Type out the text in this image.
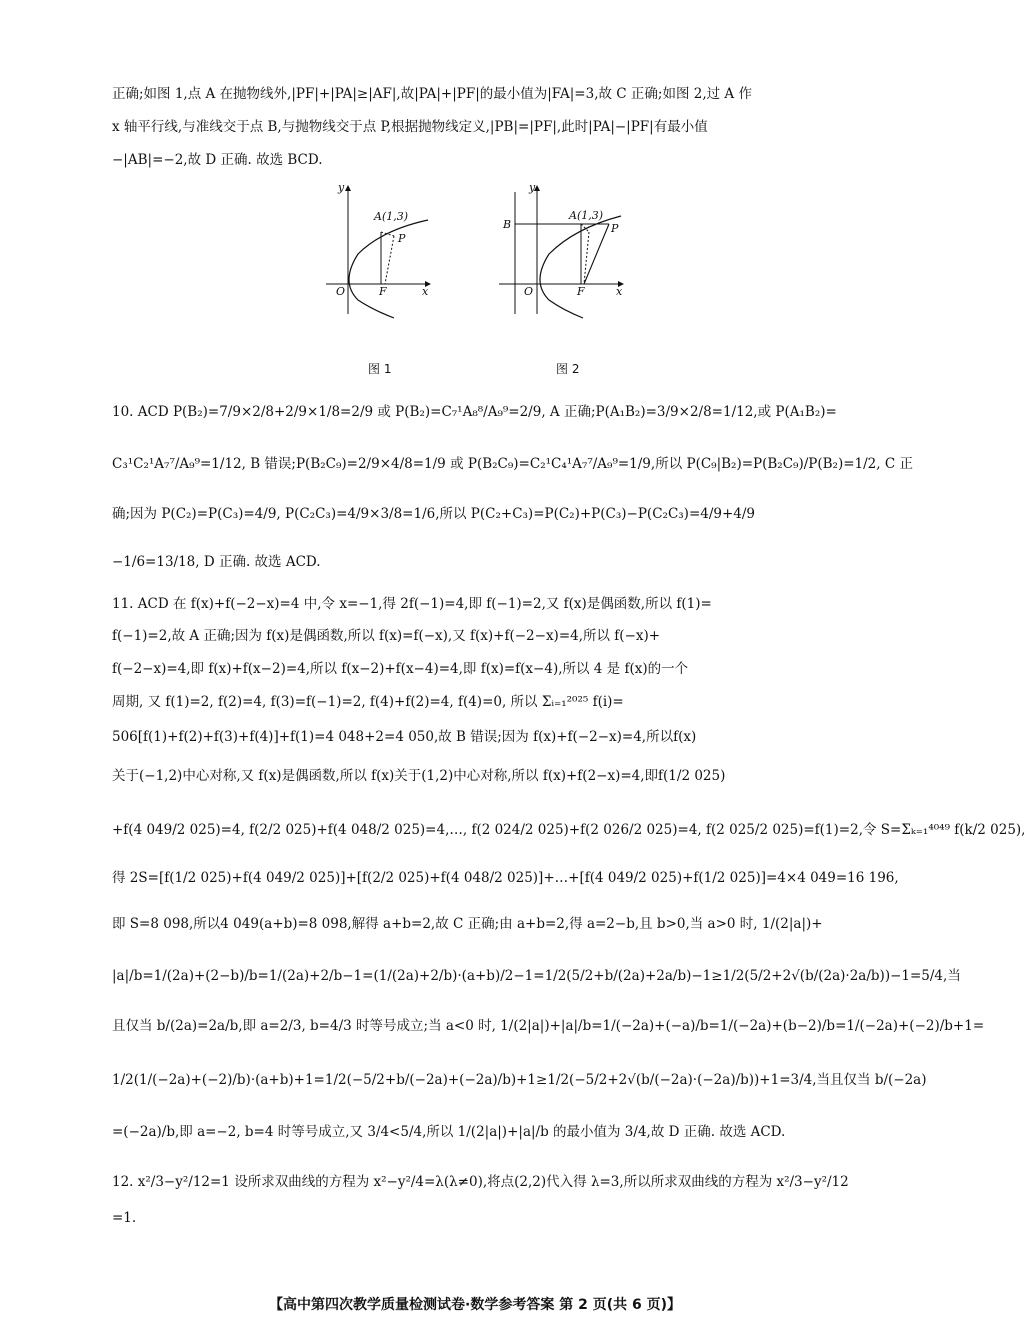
正确;如图 1,点 A 在抛物线外,|PF|+|PA|≥|AF|,故|PA|+|PF|的最小值为|FA|=3,故 C 正确;如图 2,过 A 作
x 轴平行线,与准线交于点 B,与抛物线交于点 P,根据抛物线定义,|PB|=|PF|,此时|PA|−|PF|有最小值
−|AB|=−2,故 D 正确. 故选 BCD.
y
x
O	F
A(1,3)
P
图 1
y
x
O	F
A(1,3)
P
B
图 2
10. ACD P(B₂)=7/9×2/8+2/9×1/8=2/9 或 P(B₂)=C₇¹A₈⁸/A₉⁹=2/9, A 正确;P(A₁B₂)=3/9×2/8=1/12,或 P(A₁B₂)=
C₃¹C₂¹A₇⁷/A₉⁹=1/12, B 错误;P(B₂C₉)=2/9×4/8=1/9 或 P(B₂C₉)=C₂¹C₄¹A₇⁷/A₉⁹=1/9,所以 P(C₉|B₂)=P(B₂C₉)/P(B₂)=1/2, C 正
确;因为 P(C₂)=P(C₃)=4/9, P(C₂C₃)=4/9×3/8=1/6,所以 P(C₂+C₃)=P(C₂)+P(C₃)−P(C₂C₃)=4/9+4/9
−1/6=13/18, D 正确. 故选 ACD.
11. ACD 在 f(x)+f(−2−x)=4 中,令 x=−1,得 2f(−1)=4,即 f(−1)=2,又 f(x)是偶函数,所以 f(1)=
f(−1)=2,故 A 正确;因为 f(x)是偶函数,所以 f(x)=f(−x),又 f(x)+f(−2−x)=4,所以 f(−x)+
f(−2−x)=4,即 f(x)+f(x−2)=4,所以 f(x−2)+f(x−4)=4,即 f(x)=f(x−4),所以 4 是 f(x)的一个
周期, 又 f(1)=2, f(2)=4, f(3)=f(−1)=2, f(4)+f(2)=4, f(4)=0, 所以 Σᵢ₌₁²⁰²⁵ f(i)=
506[f(1)+f(2)+f(3)+f(4)]+f(1)=4 048+2=4 050,故 B 错误;因为 f(x)+f(−2−x)=4,所以f(x)
关于(−1,2)中心对称,又 f(x)是偶函数,所以 f(x)关于(1,2)中心对称,所以 f(x)+f(2−x)=4,即f(1/2 025)
+f(4 049/2 025)=4, f(2/2 025)+f(4 048/2 025)=4,…, f(2 024/2 025)+f(2 026/2 025)=4, f(2 025/2 025)=f(1)=2,令 S=Σₖ₌₁⁴⁰⁴⁹ f(k/2 025),
得 2S=[f(1/2 025)+f(4 049/2 025)]+[f(2/2 025)+f(4 048/2 025)]+…+[f(4 049/2 025)+f(1/2 025)]=4×4 049=16 196,
即 S=8 098,所以4 049(a+b)=8 098,解得 a+b=2,故 C 正确;由 a+b=2,得 a=2−b,且 b>0,当 a>0 时, 1/(2|a|)+
|a|/b=1/(2a)+(2−b)/b=1/(2a)+2/b−1=(1/(2a)+2/b)·(a+b)/2−1=1/2(5/2+b/(2a)+2a/b)−1≥1/2(5/2+2√(b/(2a)·2a/b))−1=5/4,当
且仅当 b/(2a)=2a/b,即 a=2/3, b=4/3 时等号成立;当 a<0 时, 1/(2|a|)+|a|/b=1/(−2a)+(−a)/b=1/(−2a)+(b−2)/b=1/(−2a)+(−2)/b+1=
1/2(1/(−2a)+(−2)/b)·(a+b)+1=1/2(−5/2+b/(−2a)+(−2a)/b)+1≥1/2(−5/2+2√(b/(−2a)·(−2a)/b))+1=3/4,当且仅当 b/(−2a)
=(−2a)/b,即 a=−2, b=4 时等号成立,又 3/4<5/4,所以 1/(2|a|)+|a|/b 的最小值为 3/4,故 D 正确. 故选 ACD.
12. x²/3−y²/12=1 设所求双曲线的方程为 x²−y²/4=λ(λ≠0),将点(2,2)代入得 λ=3,所以所求双曲线的方程为 x²/3−y²/12
=1.
【高中第四次教学质量检测试卷·数学参考答案 第 2 页(共 6 页)】
